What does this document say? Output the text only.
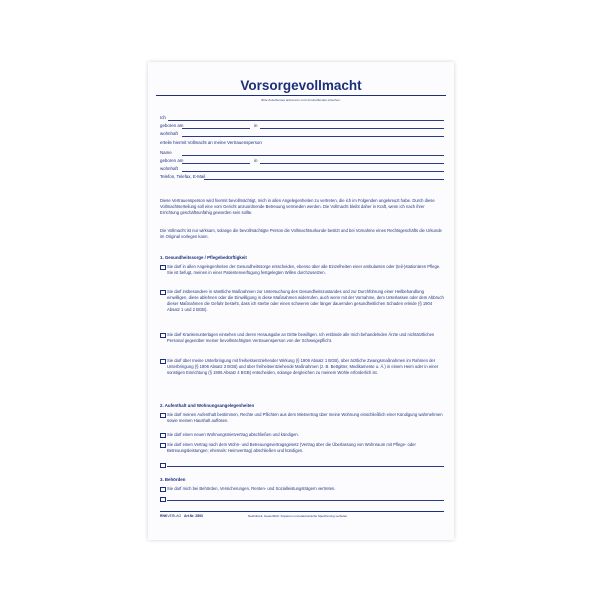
Vorsorgevollmacht
Bitte Zutreffendes ankreuzen und Unzutreffendes streichen.
Ich
geboren am	in
wohnhaft
erteile hiermit Vollmacht an meine Vertrauensperson
Name
geboren am	in
wohnhaft
Telefon, Telefax, E-Mail
Diese Vertrauensperson wird hiermit bevollmächtigt, mich in allen Angelegenheiten zu vertreten, die ich im Folgenden angekreuzt habe. Durch diese Vollmachtserteilung soll eine vom Gericht anzuordnende Betreuung vermieden werden. Die Vollmacht bleibt daher in Kraft, wenn ich nach ihrer Errichtung geschäftsunfähig geworden sein sollte.
Die Vollmacht ist nur wirksam, solange die bevollmächtigte Person die Vollmachtsurkunde besitzt und bei Vornahme eines Rechtsgeschäfts die Urkunde im Original vorlegen kann.
1. Gesundheitssorge / Pflegebedürftigkeit
Sie darf in allen Angelegenheiten der Gesundheitssorge entscheiden, ebenso über alle Einzelheiten einer ambulanten oder (teil-)stationären Pflege. Sie ist befugt, meinen in einer Patientenverfügung festgelegten Willen durchzusetzen.
Sie darf insbesondere in sämtliche Maßnahmen zur Untersuchung des Gesundheitszustandes und zur Durchführung einer Heilbehandlung einwilligen, diese ablehnen oder die Einwilligung in diese Maßnahmen widerrufen, auch wenn mit der Vornahme, dem Unterlassen oder dem Abbruch dieser Maßnahmen die Gefahr besteht, dass ich sterbe oder einen schweren oder länger dauernden gesundheitlichen Schaden erleide (§ 1904 Absatz 1 und 2 BGB).
Sie darf Krankenunterlagen einsehen und deren Herausgabe an Dritte bewilligen. Ich entbinde alle mich behandelnden Ärzte und nichtärztliches Personal gegenüber meiner bevollmächtigten Vertrauensperson von der Schweigepflicht.
Sie darf über meine Unterbringung mit freiheitsentziehender Wirkung (§ 1906 Absatz 1 BGB), über ärztliche Zwangsmaßnahmen im Rahmen der Unterbringung (§ 1906 Absatz 3 BGB) und über freiheitsentziehende Maßnahmen (z. B. Bettgitter, Medikamente u. Ä.) in einem Heim oder in einer sonstigen Einrichtung (§ 1906 Absatz 4 BGB) entscheiden, solange dergleichen zu meinem Wohle erforderlich ist.
2. Aufenthalt und Wohnungsangelegenheiten
Sie darf meinen Aufenthalt bestimmen, Rechte und Pflichten aus dem Mietvertrag über meine Wohnung einschließlich einer Kündigung wahrnehmen sowie meinen Haushalt auflösen.
Sie darf einen neuen Wohnungsmietvertrag abschließen und kündigen.
Sie darf einen Vertrag nach dem Wohn- und Betreuungsvertragsgesetz (Vertrag über die Überlassung von Wohnraum mit Pflege- oder Betreuungsleistungen; ehemals: Heimvertrag) abschließen und kündigen.
3. Behörden
Sie darf mich bei Behörden, Versicherungen, Renten- und Sozialleistungsträgern vertreten.
RNKVERLAG Art.Nr. 2893	Nachdruck, Gewerblich: Kopieren und elektronische Speicherung verboten.
